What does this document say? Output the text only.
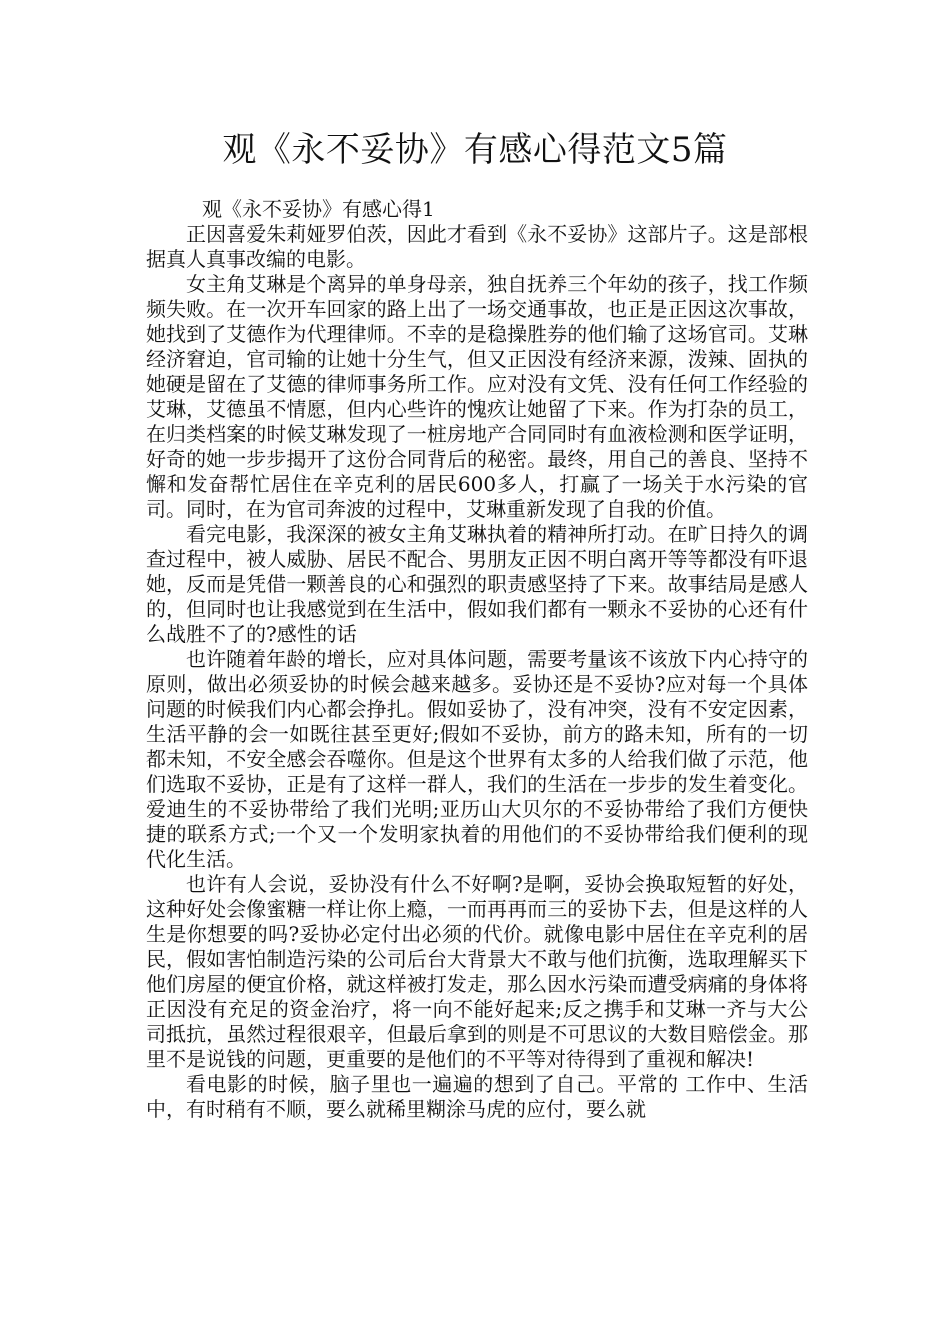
观《永不妥协》有感心得范文5篇

观《永不妥协》有感心得1

正因喜爱朱莉娅罗伯茨，因此才看到《永不妥协》这部片子。这是部根据真人真事改编的电影。

女主角艾琳是个离异的单身母亲，独自抚养三个年幼的孩子，找工作频频失败。在一次开车回家的路上出了一场交通事故，也正是正因这次事故，她找到了艾德作为代理律师。不幸的是稳操胜券的他们输了这场官司。艾琳经济窘迫，官司输的让她十分生气，但又正因没有经济来源，泼辣、固执的她硬是留在了艾德的律师事务所工作。应对没有文凭、没有任何工作经验的艾琳，艾德虽不情愿，但内心些许的愧疚让她留了下来。作为打杂的员工，在归类档案的时候艾琳发现了一桩房地产合同同时有血液检测和医学证明，好奇的她一步步揭开了这份合同背后的秘密。最终，用自己的善良、坚持不懈和发奋帮忙居住在辛克利的居民600多人，打赢了一场关于水污染的官司。同时，在为官司奔波的过程中，艾琳重新发现了自我的价值。

看完电影，我深深的被女主角艾琳执着的精神所打动。在旷日持久的调查过程中，被人威胁、居民不配合、男朋友正因不明白离开等等都没有吓退她，反而是凭借一颗善良的心和强烈的职责感坚持了下来。故事结局是感人的，但同时也让我感觉到在生活中，假如我们都有一颗永不妥协的心还有什么战胜不了的?感性的话

也许随着年龄的增长，应对具体问题，需要考量该不该放下内心持守的原则，做出必须妥协的时候会越来越多。妥协还是不妥协?应对每一个具体问题的时候我们内心都会挣扎。假如妥协了，没有冲突，没有不安定因素，生活平静的会一如既往甚至更好;假如不妥协，前方的路未知，所有的一切都未知，不安全感会吞噬你。但是这个世界有太多的人给我们做了示范，他们选取不妥协，正是有了这样一群人，我们的生活在一步步的发生着变化。爱迪生的不妥协带给了我们光明;亚历山大贝尔的不妥协带给了我们方便快捷的联系方式;一个又一个发明家执着的用他们的不妥协带给我们便利的现代化生活。

也许有人会说，妥协没有什么不好啊?是啊，妥协会换取短暂的好处，这种好处会像蜜糖一样让你上瘾，一而再再而三的妥协下去，但是这样的人生是你想要的吗?妥协必定付出必须的代价。就像电影中居住在辛克利的居民，假如害怕制造污染的公司后台大背景大不敢与他们抗衡，选取理解买下他们房屋的便宜价格，就这样被打发走，那么因水污染而遭受病痛的身体将正因没有充足的资金治疗，将一向不能好起来;反之携手和艾琳一齐与大公司抵抗，虽然过程很艰辛，但最后拿到的则是不可思议的大数目赔偿金。那里不是说钱的问题，更重要的是他们的不平等对待得到了重视和解决!

看电影的时候，脑子里也一遍遍的想到了自己。平常的 工作中、生活中，有时稍有不顺，要么就稀里糊涂马虎的应付，要么就
